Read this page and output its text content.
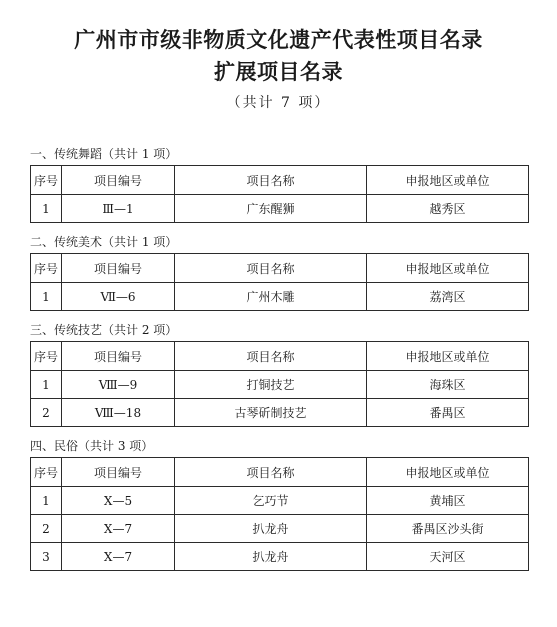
广州市市级非物质文化遗产代表性项目名录
扩展项目名录
（共计 7 项）
一、传统舞蹈（共计 1 项）
序号	项目编号	项目名称	申报地区或单位
1	Ⅲ—1	广东醒狮	越秀区
二、传统美术（共计 1 项）
序号	项目编号	项目名称	申报地区或单位
1	Ⅶ—6	广州木雕	荔湾区
三、传统技艺（共计 2 项）
序号	项目编号	项目名称	申报地区或单位
1	Ⅷ—9	打铜技艺	海珠区
2	Ⅷ—18	古琴斫制技艺	番禺区
四、民俗（共计 3 项）
序号	项目编号	项目名称	申报地区或单位
1	Ⅹ—5	乞巧节	黄埔区
2	Ⅹ—7	扒龙舟	番禺区沙头街
3	Ⅹ—7	扒龙舟	天河区
